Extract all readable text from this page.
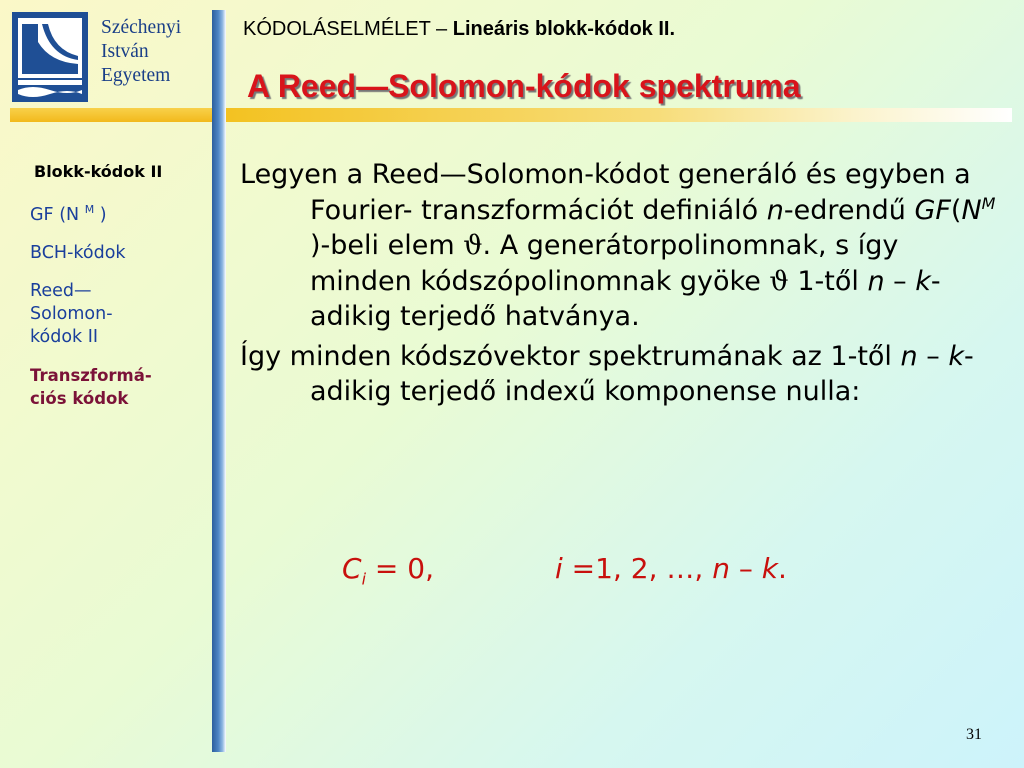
Széchenyi
István
Egyetem
KÓDOLÁSELMÉLET – Lineáris blokk-kódok II.
A Reed—Solomon-kódok spektruma
Blokk-kódok II
GF (N $^M$ )
BCH-kódok
Reed—
Solomon-
kódok II
Transzformá-
ciós kódok
Legyen a Reed—Solomon-kódot generáló és egyben a Fourier- transzformációt definiáló n-edrendű $GF(N^M$ )-beli elem ϑ. A generátorpolinomnak, s így minden kódszópolinomnak gyöke ϑ 1-től n – k-adikig terjedő hatványa.
Így minden kódszóvektor spektrumának az 1-től n – k-adikig terjedő indexű komponense nulla:
$C_i = 0$,	i =1, 2, …, n – k.
31
